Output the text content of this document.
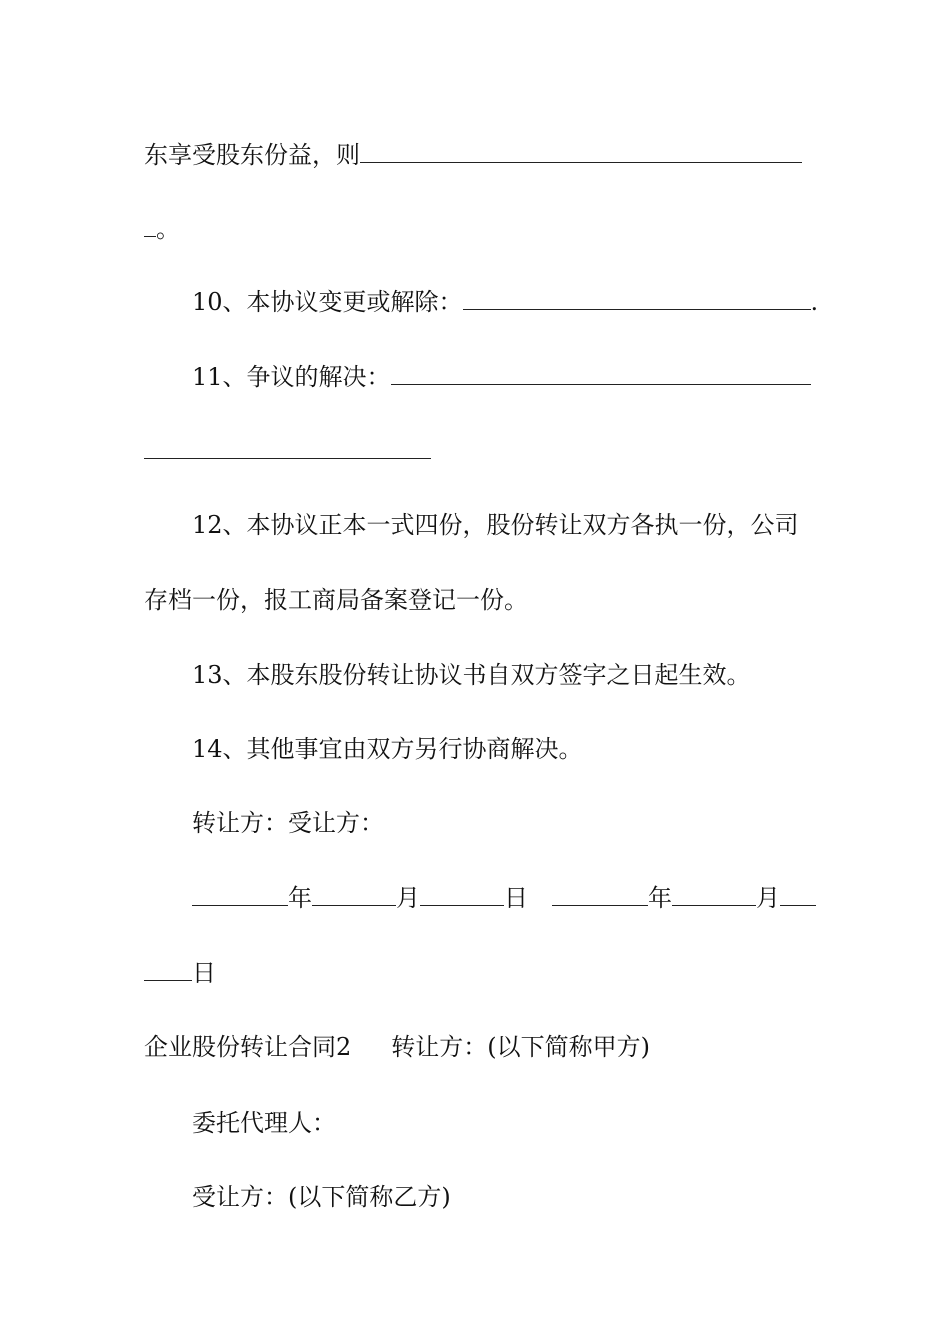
东享受股东份益，则
。
10、本协议变更或解除：	.
11、争议的解决：
12、本协议正本一式四份，股份转让双方各执一份，公司
存档一份，报工商局备案登记一份。
13、本股东股份转让协议书自双方签字之日起生效。
14、其他事宜由双方另行协商解决。
转让方：受让方：
年	月	日	年	月
日
企业股份转让合同2 转让方：(以下简称甲方)
委托代理人：
受让方：(以下简称乙方)
